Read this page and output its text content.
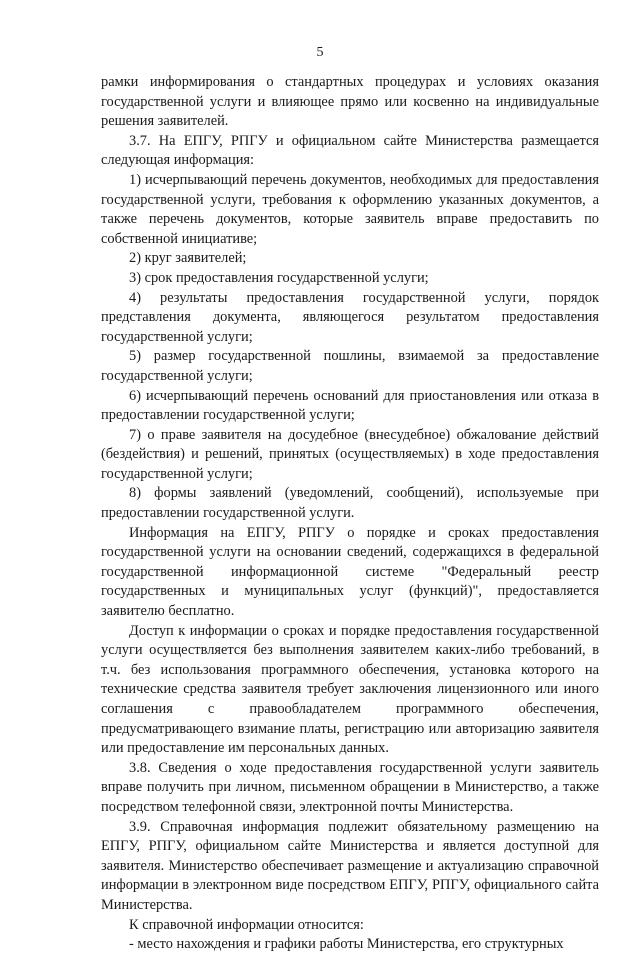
5

рамки информирования о стандартных процедурах и условиях оказания государственной услуги и влияющее прямо или косвенно на индивидуальные решения заявителей.

3.7. На ЕПГУ, РПГУ и официальном сайте Министерства размещается следующая информация:

1) исчерпывающий перечень документов, необходимых для предоставления государственной услуги, требования к оформлению указанных документов, а также перечень документов, которые заявитель вправе предоставить по собственной инициативе;

2) круг заявителей;

3) срок предоставления государственной услуги;

4) результаты предоставления государственной услуги, порядок представления документа, являющегося результатом предоставления государственной услуги;

5) размер государственной пошлины, взимаемой за предоставление государственной услуги;

6) исчерпывающий перечень оснований для приостановления или отказа в предоставлении государственной услуги;

7) о праве заявителя на досудебное (внесудебное) обжалование действий (бездействия) и решений, принятых (осуществляемых) в ходе предоставления государственной услуги;

8) формы заявлений (уведомлений, сообщений), используемые при предоставлении государственной услуги.

Информация на ЕПГУ, РПГУ о порядке и сроках предоставления государственной услуги на основании сведений, содержащихся в федеральной государственной информационной системе "Федеральный реестр государственных и муниципальных услуг (функций)", предоставляется заявителю бесплатно.

Доступ к информации о сроках и порядке предоставления государственной услуги осуществляется без выполнения заявителем каких-либо требований, в т.ч. без использования программного обеспечения, установка которого на технические средства заявителя требует заключения лицензионного или иного соглашения с правообладателем программного обеспечения, предусматривающего взимание платы, регистрацию или авторизацию заявителя или предоставление им персональных данных.

3.8. Сведения о ходе предоставления государственной услуги заявитель вправе получить при личном, письменном обращении в Министерство, а также посредством телефонной связи, электронной почты Министерства.

3.9. Справочная информация подлежит обязательному размещению на ЕПГУ, РПГУ, официальном сайте Министерства и является доступной для заявителя. Министерство обеспечивает размещение и актуализацию справочной информации в электронном виде посредством ЕПГУ, РПГУ, официального сайта Министерства.

К справочной информации относится:

- место нахождения и графики работы Министерства, его структурных
